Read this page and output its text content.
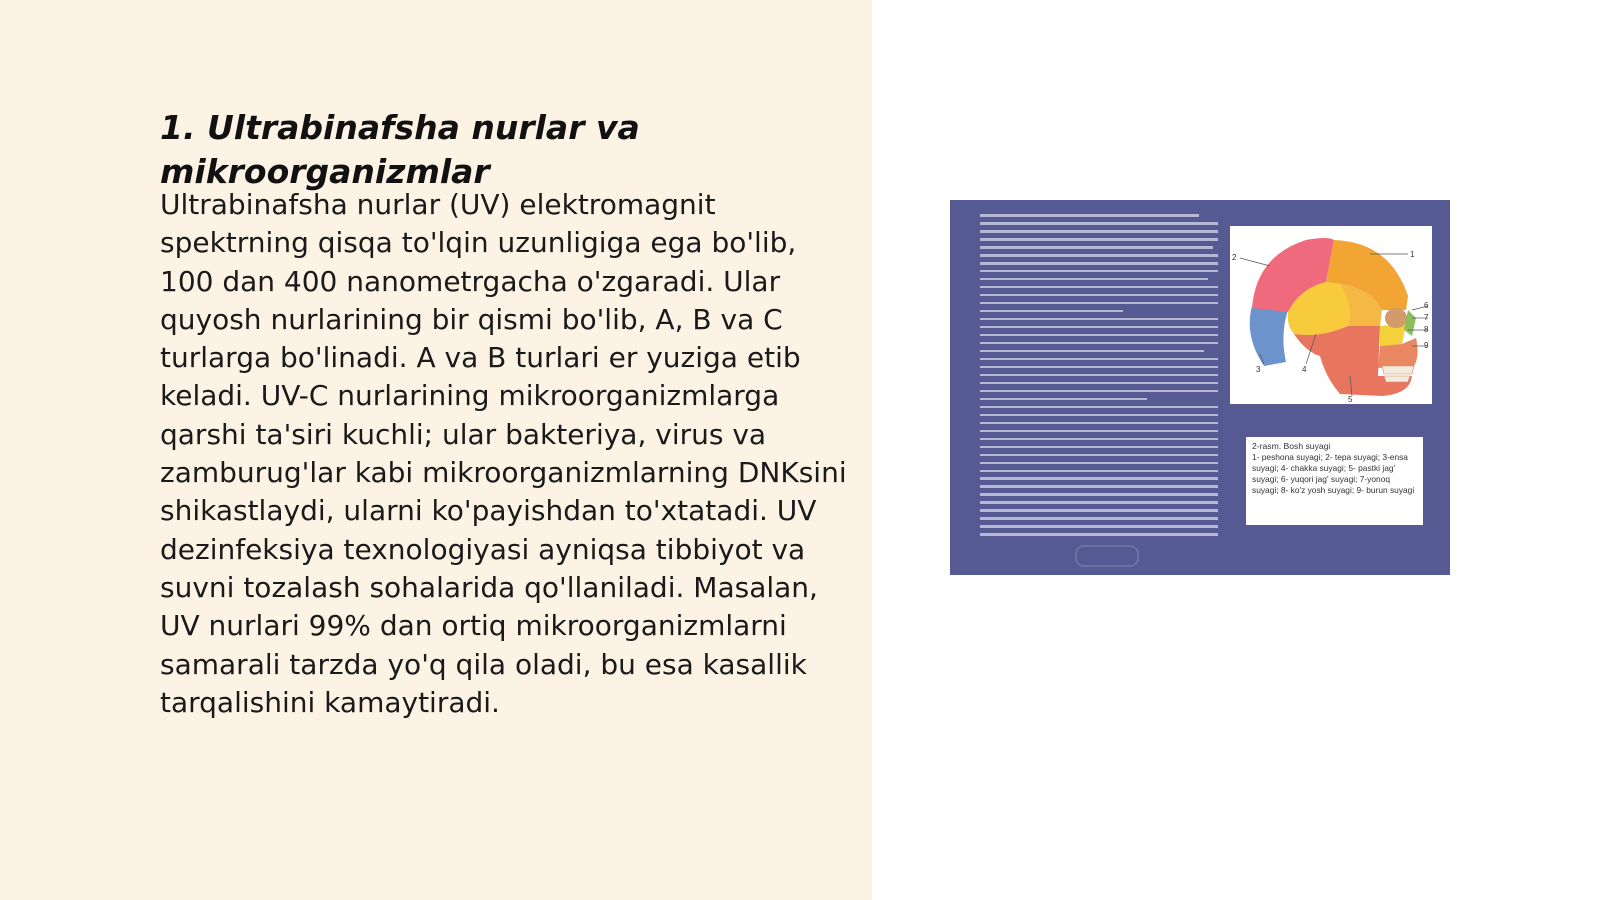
1. Ultrabinafsha nurlar va mikroorganizmlar

Ultrabinafsha nurlar (UV) elektromagnit spektrning qisqa to'lqin uzunligiga ega bo'lib, 100 dan 400 nanometrgacha o'zgaradi. Ular quyosh nurlarining bir qismi bo'lib, A, B va C turlarga bo'linadi. A va B turlari er yuziga etib keladi. UV-C nurlarining mikroorganizmlarga qarshi ta'siri kuchli; ular bakteriya, virus va zamburug'lar kabi mikroorganizmlarning DNKsini shikastlaydi, ularni ko'payishdan to'xtatadi. UV dezinfeksiya texnologiyasi ayniqsa tibbiyot va suvni tozalash sohalarida qo'llaniladi. Masalan, UV nurlari 99% dan ortiq mikroorganizmlarni samarali tarzda yo'q qila oladi, bu esa kasallik tarqalishini kamaytiradi.

1
2
3	4
5
6
7
8
9
2-rasm. Bosh suyagi
1- peshona suyagi; 2- tepa suyagi; 3-ensa suyagi; 4- chakka suyagi; 5- pastki jag' suyagi; 6- yuqori jag' suyagi; 7-yonoq suyagi; 8- ko'z yosh suyagi; 9- burun suyagi
